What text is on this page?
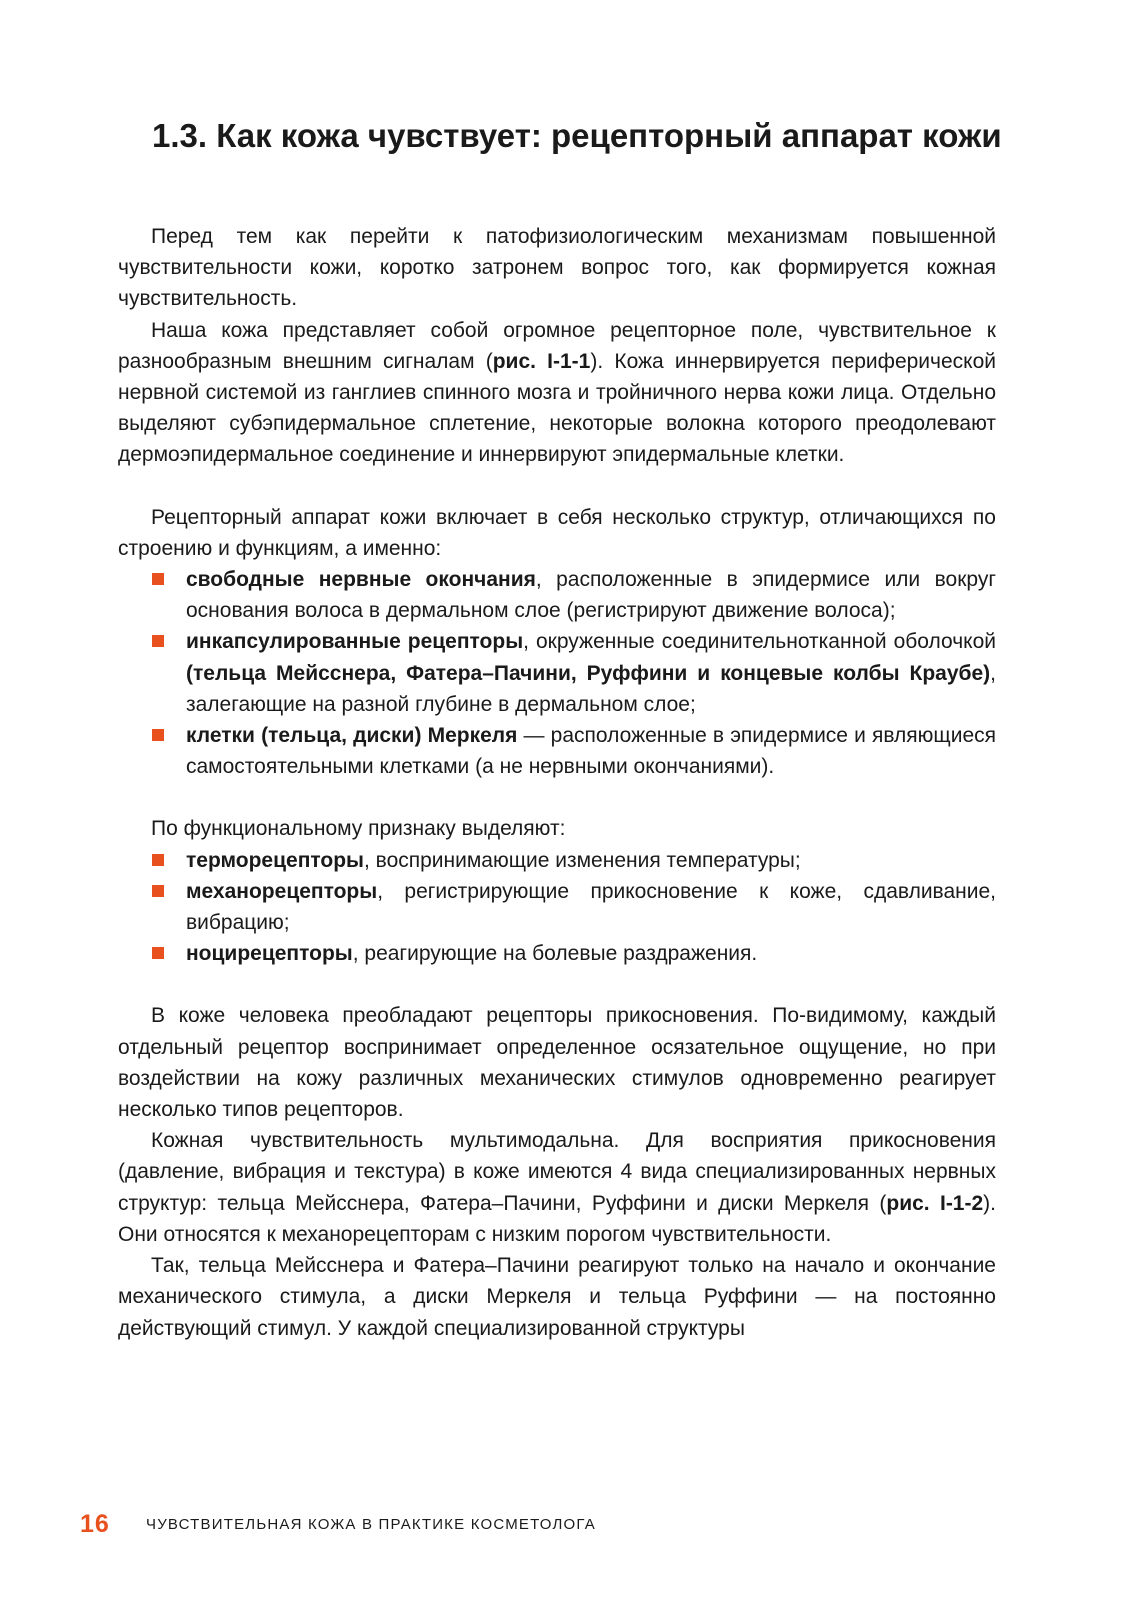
1.3. Как кожа чувствует: рецепторный аппарат кожи

Перед тем как перейти к патофизиологическим механизмам повышенной чувствительности кожи, коротко затронем вопрос того, как формируется кожная чувствительность.

Наша кожа представляет собой огромное рецепторное поле, чувствительное к разнообразным внешним сигналам (рис. I-1-1). Кожа иннервируется периферической нервной системой из ганглиев спинного мозга и тройничного нерва кожи лица. Отдельно выделяют субэпидермальное сплетение, некоторые волокна которого преодолевают дермоэпидермальное соединение и иннервируют эпидермальные клетки.

Рецепторный аппарат кожи включает в себя несколько структур, отличающихся по строению и функциям, а именно:

свободные нервные окончания, расположенные в эпидермисе или вокруг основания волоса в дермальном слое (регистрируют движение волоса);
инкапсулированные рецепторы, окруженные соединительнотканной оболочкой (тельца Мейсснера, Фатера–Пачини, Руффини и концевые колбы Краубе), залегающие на разной глубине в дермальном слое;
клетки (тельца, диски) Меркеля — расположенные в эпидермисе и являющиеся самостоятельными клетками (а не нервными окончаниями).

По функциональному признаку выделяют:

терморецепторы, воспринимающие изменения температуры;
механорецепторы, регистрирующие прикосновение к коже, сдавливание, вибрацию;
ноцирецепторы, реагирующие на болевые раздражения.

В коже человека преобладают рецепторы прикосновения. По-видимому, каждый отдельный рецептор воспринимает определенное осязательное ощущение, но при воздействии на кожу различных механических стимулов одновременно реагирует несколько типов рецепторов.

Кожная чувствительность мультимодальна. Для восприятия прикосновения (давление, вибрация и текстура) в коже имеются 4 вида специализированных нервных структур: тельца Мейсснера, Фатера–Пачини, Руффини и диски Меркеля (рис. I-1-2). Они относятся к механорецепторам с низким порогом чувствительности.

Так, тельца Мейсснера и Фатера–Пачини реагируют только на начало и окончание механического стимула, а диски Меркеля и тельца Руффини — на постоянно действующий стимул. У каждой специализированной структуры

16 ЧУВСТВИТЕЛЬНАЯ КОЖА В ПРАКТИКЕ КОСМЕТОЛОГА
